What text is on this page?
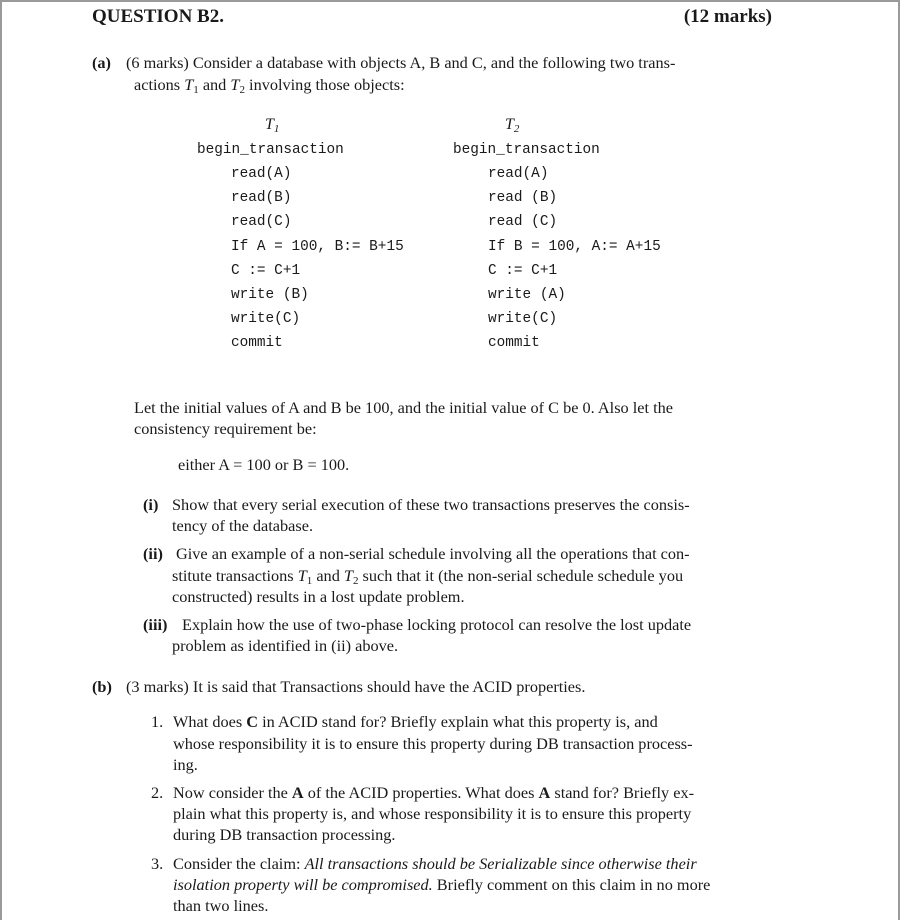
QUESTION B2.	(12 marks)
(a) (6 marks) Consider a database with objects A, B and C, and the following two trans-
actions $T_1$ and $T_2$ involving those objects:
$T_1$
begin_transaction
read(A)
read(B)
read(C)
If A = 100, B:= B+15
C := C+1
write (B)
write(C)
commit
$T_2$
begin_transaction
read(A)
read (B)
read (C)
If B = 100, A:= A+15
C := C+1
write (A)
write(C)
commit
Let the initial values of A and B be 100, and the initial value of C be 0. Also let the
consistency requirement be:
either A = 100 or B = 100.
(i) Show that every serial execution of these two transactions preserves the consis-
tency of the database.
(ii) Give an example of a non-serial schedule involving all the operations that con-
stitute transactions $T_1$ and $T_2$ such that it (the non-serial schedule schedule you
constructed) results in a lost update problem.
(iii) Explain how the use of two-phase locking protocol can resolve the lost update
problem as identified in (ii) above.
(b) (3 marks) It is said that Transactions should have the ACID properties.
1. What does C in ACID stand for? Briefly explain what this property is, and
whose responsibility it is to ensure this property during DB transaction process-
ing.
2. Now consider the A of the ACID properties. What does A stand for? Briefly ex-
plain what this property is, and whose responsibility it is to ensure this property
during DB transaction processing.
3. Consider the claim: All transactions should be Serializable since otherwise their
isolation property will be compromised. Briefly comment on this claim in no more
than two lines.
